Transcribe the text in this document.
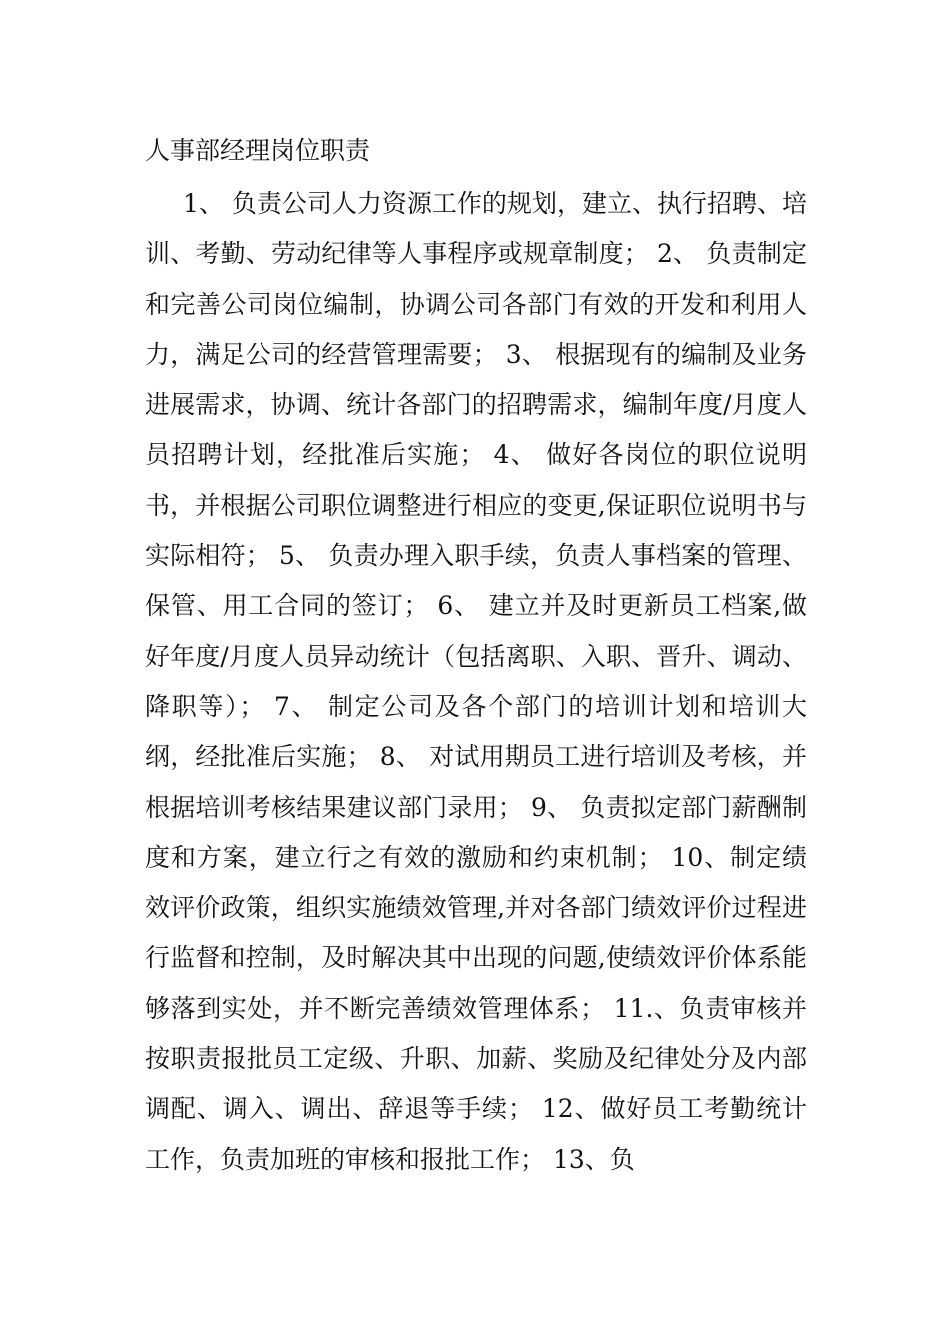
人事部经理岗位职责

1、 负责公司人力资源工作的规划，建立、执行招聘、培训、考勤、劳动纪律等人事程序或规章制度； 2、 负责制定和完善公司岗位编制，协调公司各部门有效的开发和利用人力，满足公司的经营管理需要； 3、 根据现有的编制及业务进展需求，协调、统计各部门的招聘需求，编制年度/月度人员招聘计划，经批准后实施； 4、 做好各岗位的职位说明书，并根据公司职位调整进行相应的变更,保证职位说明书与实际相符； 5、 负责办理入职手续，负责人事档案的管理、保管、用工合同的签订； 6、 建立并及时更新员工档案,做好年度/月度人员异动统计（包括离职、入职、晋升、调动、降职等）； 7、 制定公司及各个部门的培训计划和培训大纲，经批准后实施； 8、 对试用期员工进行培训及考核，并根据培训考核结果建议部门录用； 9、 负责拟定部门薪酬制度和方案，建立行之有效的激励和约束机制； 10、制定绩效评价政策，组织实施绩效管理,并对各部门绩效评价过程进行监督和控制，及时解决其中出现的问题,使绩效评价体系能够落到实处，并不断完善绩效管理体系； 11.、负责审核并按职责报批员工定级、升职、加薪、奖励及纪律处分及内部调配、调入、调出、辞退等手续； 12、做好员工考勤统计工作，负责加班的审核和报批工作； 13、负
